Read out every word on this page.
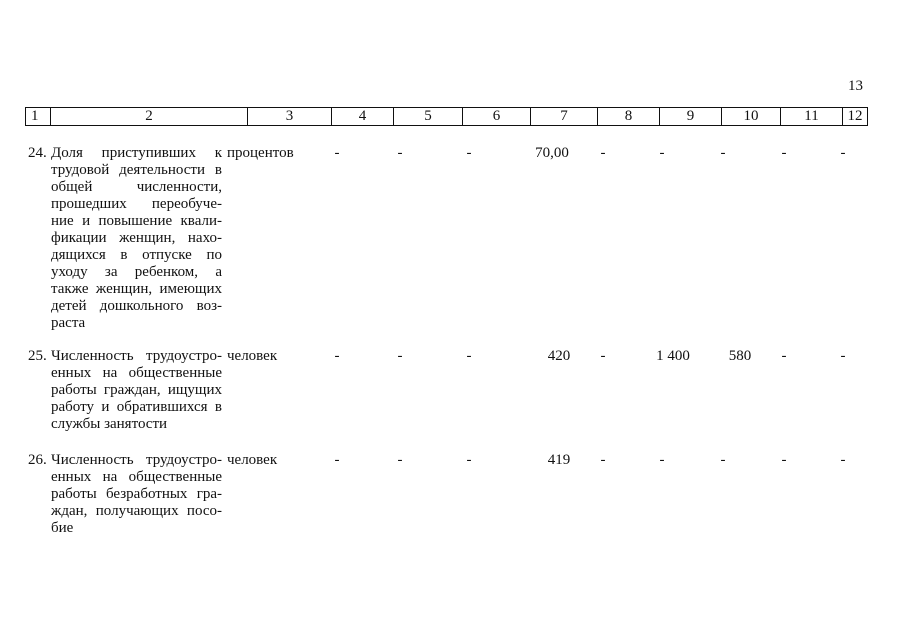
13
1	2	3	4	5	6	7	8	9	10	11	12
24. Доля приступивших к
трудовой деятельности в
общей численности,
прошедших переобуче-
ние и повышение квали-
фикации женщин, нахо-
дящихся в отпуске по
уходу за ребенком, а
также женщин, имеющих
детей дошкольного воз-
раста
процентов	-	-	-	70,00	-	-	-	-	-
25. Численность трудоустро-
енных на общественные
работы граждан, ищущих
работу и обратившихся в
службы занятости
человек	-	-	-	420	-	1 400	580	-	-
26. Численность трудоустро-
енных на общественные
работы безработных гра-
ждан, получающих посо-
бие
человек	-	-	-	419	-	-	-	-	-
